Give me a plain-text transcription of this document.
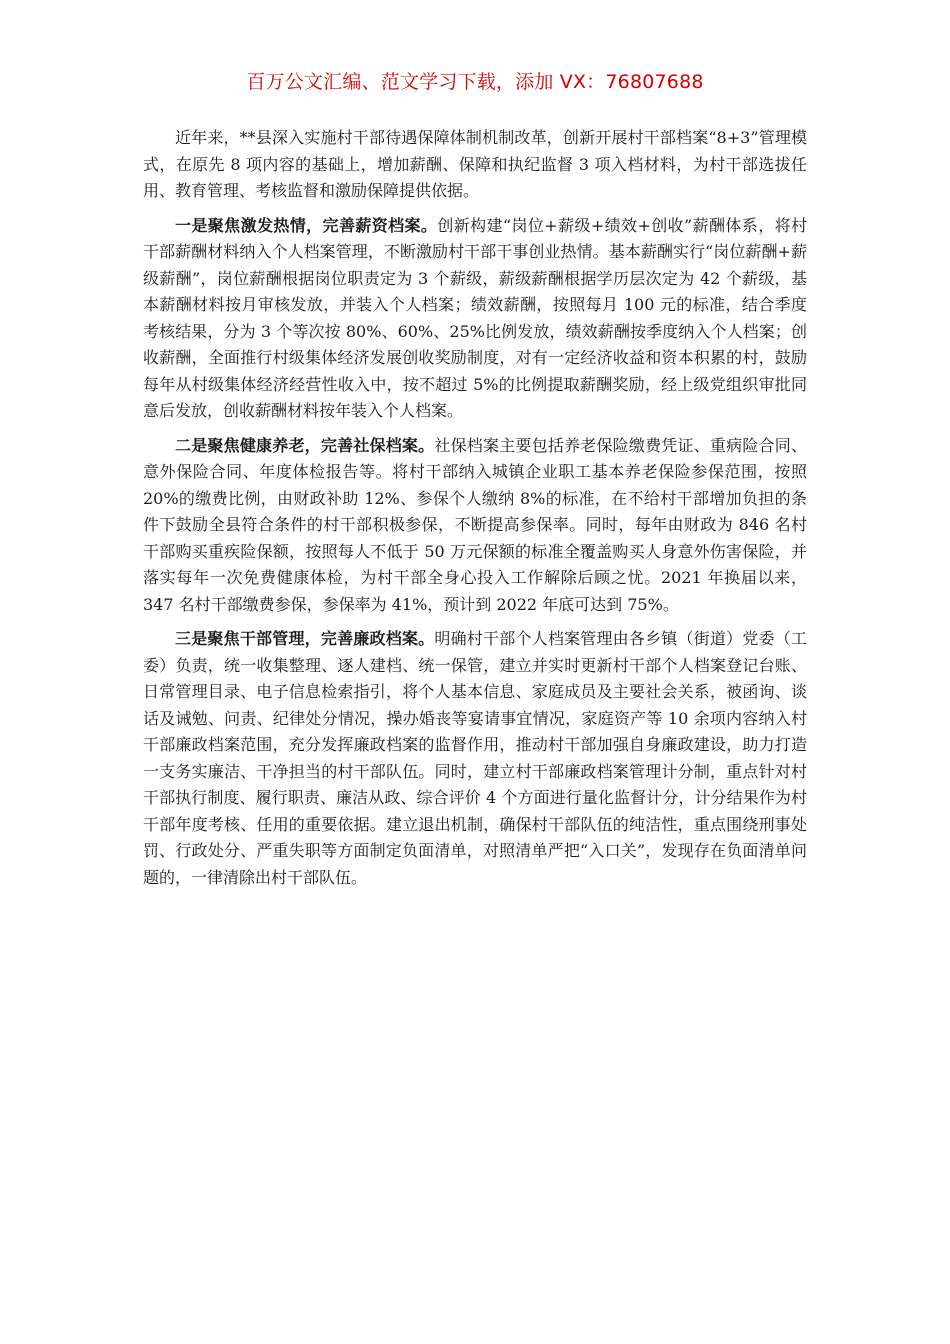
百万公文汇编、范文学习下载，添加 VX：76807688

近年来，**县深入实施村干部待遇保障体制机制改革，创新开展村干部档案“8+3”管理模式，在原先 8 项内容的基础上，增加薪酬、保障和执纪监督 3 项入档材料，为村干部选拔任用、教育管理、考核监督和激励保障提供依据。

一是聚焦激发热情，完善薪资档案。创新构建“岗位+薪级+绩效+创收”薪酬体系，将村干部薪酬材料纳入个人档案管理，不断激励村干部干事创业热情。基本薪酬实行“岗位薪酬+薪级薪酬”，岗位薪酬根据岗位职责定为 3 个薪级，薪级薪酬根据学历层次定为 42 个薪级，基本薪酬材料按月审核发放，并装入个人档案；绩效薪酬，按照每月 100 元的标准，结合季度考核结果，分为 3 个等次按 80%、60%、25%比例发放，绩效薪酬按季度纳入个人档案；创收薪酬，全面推行村级集体经济发展创收奖励制度，对有一定经济收益和资本积累的村，鼓励每年从村级集体经济经营性收入中，按不超过 5%的比例提取薪酬奖励，经上级党组织审批同意后发放，创收薪酬材料按年装入个人档案。

二是聚焦健康养老，完善社保档案。社保档案主要包括养老保险缴费凭证、重病险合同、意外保险合同、年度体检报告等。将村干部纳入城镇企业职工基本养老保险参保范围，按照 20%的缴费比例，由财政补助 12%、参保个人缴纳 8%的标准，在不给村干部增加负担的条件下鼓励全县符合条件的村干部积极参保，不断提高参保率。同时，每年由财政为 846 名村干部购买重疾险保额，按照每人不低于 50 万元保额的标准全覆盖购买人身意外伤害保险，并落实每年一次免费健康体检，为村干部全身心投入工作解除后顾之忧。2021 年换届以来，347 名村干部缴费参保，参保率为 41%，预计到 2022 年底可达到 75%。

三是聚焦干部管理，完善廉政档案。明确村干部个人档案管理由各乡镇（街道）党委（工委）负责，统一收集整理、逐人建档、统一保管，建立并实时更新村干部个人档案登记台账、日常管理目录、电子信息检索指引，将个人基本信息、家庭成员及主要社会关系，被函询、谈话及诫勉、问责、纪律处分情况，操办婚丧等宴请事宜情况，家庭资产等 10 余项内容纳入村干部廉政档案范围，充分发挥廉政档案的监督作用，推动村干部加强自身廉政建设，助力打造一支务实廉洁、干净担当的村干部队伍。同时，建立村干部廉政档案管理计分制，重点针对村干部执行制度、履行职责、廉洁从政、综合评价 4 个方面进行量化监督计分，计分结果作为村干部年度考核、任用的重要依据。建立退出机制，确保村干部队伍的纯洁性，重点围绕刑事处罚、行政处分、严重失职等方面制定负面清单，对照清单严把“入口关”，发现存在负面清单问题的，一律清除出村干部队伍。
